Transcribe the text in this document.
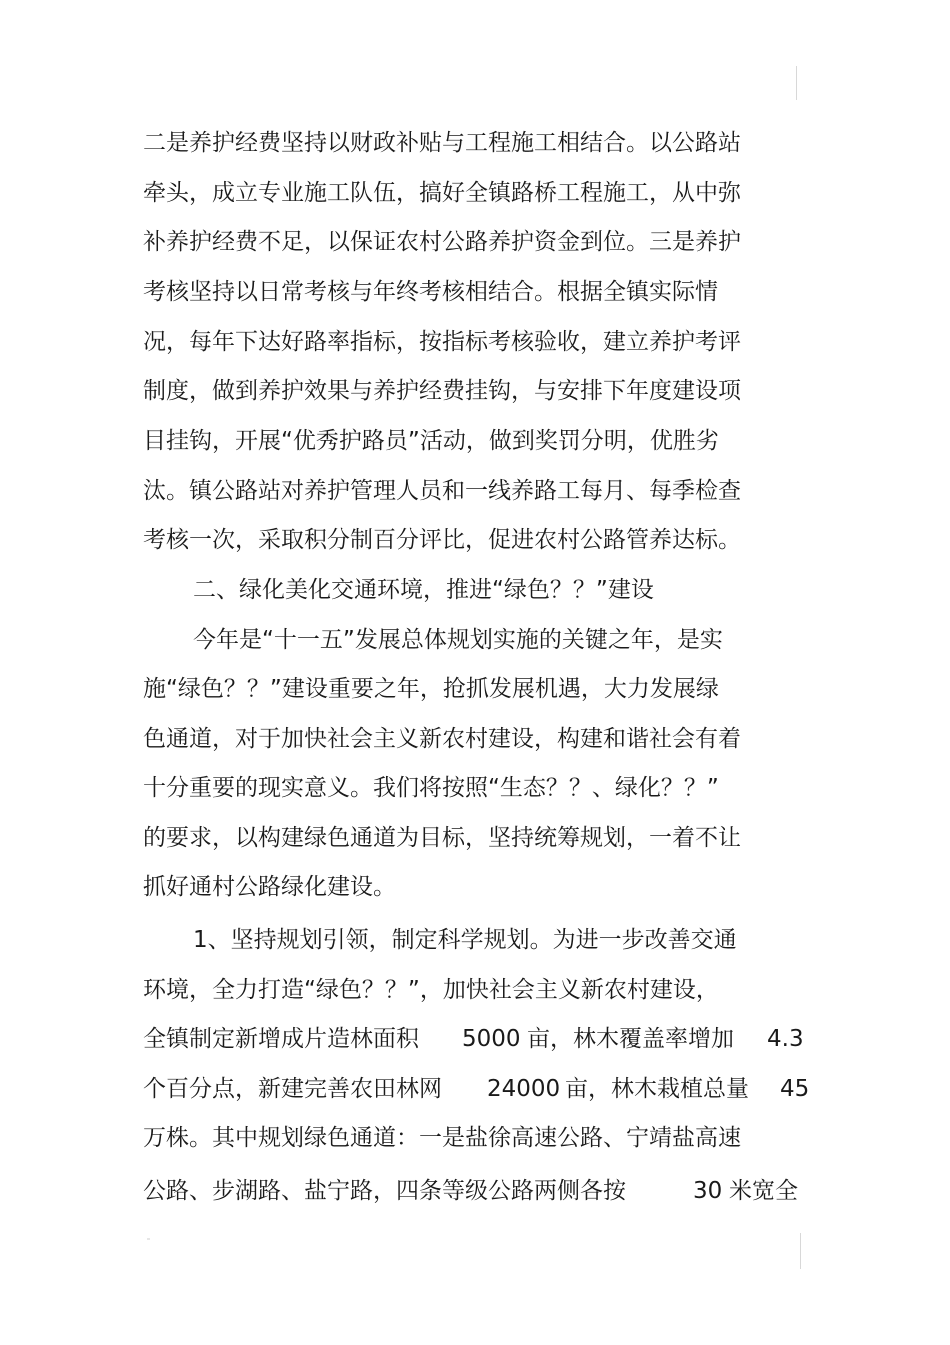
二是养护经费坚持以财政补贴与工程施工相结合。以公路站
牵头，成立专业施工队伍，搞好全镇路桥工程施工，从中弥
补养护经费不足，以保证农村公路养护资金到位。三是养护
考核坚持以日常考核与年终考核相结合。根据全镇实际情
况，每年下达好路率指标，按指标考核验收，建立养护考评
制度，做到养护效果与养护经费挂钩，与安排下年度建设项
目挂钩，开展“优秀护路员”活动，做到奖罚分明，优胜劣
汰。镇公路站对养护管理人员和一线养路工每月、每季检查
考核一次，采取积分制百分评比，促进农村公路管养达标。
二、绿化美化交通环境，推进“绿色？？”建设
今年是“十一五”发展总体规划实施的关键之年，是实
施“绿色？？”建设重要之年，抢抓发展机遇，大力发展绿
色通道，对于加快社会主义新农村建设，构建和谐社会有着
十分重要的现实意义。我们将按照“生态？？、绿化？？”
的要求，以构建绿色通道为目标，坚持统筹规划，一着不让
抓好通村公路绿化建设。
1、坚持规划引领，制定科学规划。为进一步改善交通
环境，全力打造“绿色？？”，加快社会主义新农村建设，
全镇制定新增成片造林面积 5000 亩，林木覆盖率增加 4.3
个百分点，新建完善农田林网 24000 亩，林木栽植总量 45
万株。其中规划绿色通道：一是盐徐高速公路、宁靖盐高速
公路、步湖路、盐宁路，四条等级公路两侧各按	30 米宽全
